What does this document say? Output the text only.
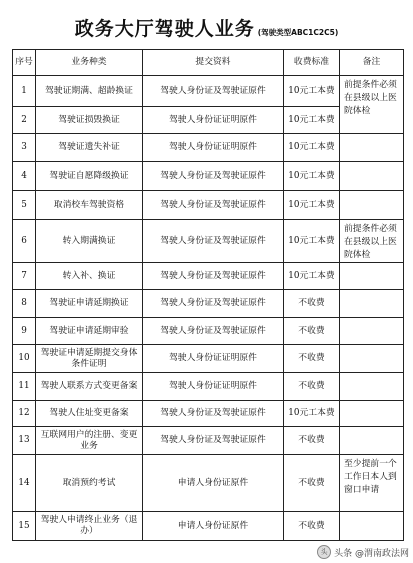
政务大厅驾驶人业务 (驾驶类型ABC1C2C5)
序号	业务种类	提交资料	收费标准	备注
1	驾驶证期满、超龄换证	驾驶人身份证及驾驶证原件	10元工本费	前提条件必须在县级以上医院体检
2	驾驶证损毁换证	驾驶人身份证证明原件	10元工本费	
3	驾驶证遗失补证	驾驶人身份证证明原件	10元工本费	
4	驾驶证自愿降级换证	驾驶人身份证及驾驶证原件	10元工本费	
5	取消校车驾驶资格	驾驶人身份证及驾驶证原件	10元工本费	
6	转入期满换证	驾驶人身份证及驾驶证原件	10元工本费	前提条件必须在县级以上医院体检
7	转入补、换证	驾驶人身份证及驾驶证原件	10元工本费	
8	驾驶证申请延期换证	驾驶人身份证及驾驶证原件	不收费	
9	驾驶证申请延期审验	驾驶人身份证及驾驶证原件	不收费	
10	驾驶证申请延期提交身体条件证明	驾驶人身份证证明原件	不收费	
11	驾驶人联系方式变更备案	驾驶人身份证证明原件	不收费	
12	驾驶人住址变更备案	驾驶人身份证及驾驶证原件	10元工本费	
13	互联网用户的注册、变更业务	驾驶人身份证及驾驶证原件	不收费	
14	取消预约考试	申请人身份证原件	不收费	至少提前一个工作日本人到窗口申请
15	驾驶人申请终止业务（退办）	申请人身份证原件	不收费	
头 头条 @渭南政法网
